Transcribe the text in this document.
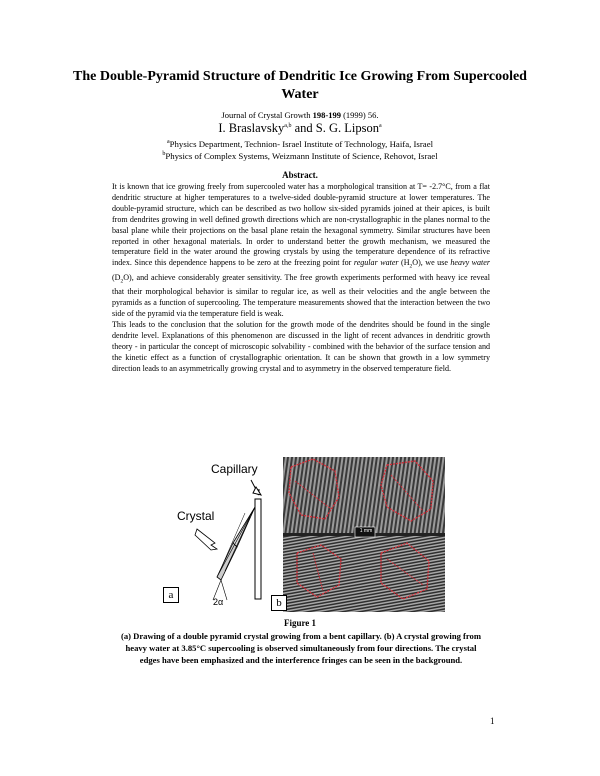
The Double-Pyramid Structure of Dendritic Ice Growing From Supercooled Water
Journal of Crystal Growth 198-199 (1999) 56.
I. Braslavsky$^{a,b}$ and S. G. Lipson$^a$
$^a$Physics Department, Technion- Israel Institute of Technology, Haifa, Israel
$^b$Physics of Complex Systems, Weizmann Institute of Science, Rehovot, Israel
Abstract.

It is known that ice growing freely from supercooled water has a morphological transition at T= -2.7°C, from a flat dendritic structure at higher temperatures to a twelve-sided double-pyramid structure at lower temperatures. The double-pyramid structure, which can be described as two hollow six-sided pyramids joined at their apices, is built from dendrites growing in well defined growth directions which are non-crystallographic in the planes normal to the basal plane while their projections on the basal plane retain the hexagonal symmetry. Similar structures have been reported in other hexagonal materials. In order to understand better the growth mechanism, we measured the temperature field in the water around the growing crystals by using the temperature dependence of its refractive index. Since this dependence happens to be zero at the freezing point for regular water $(H_2O)$, we use heavy water $(D_2O)$, and achieve considerably greater sensitivity. The free growth experiments performed with heavy ice reveal that their morphological behavior is similar to regular ice, as well as their velocities and the angle between the pyramids as a function of supercooling. The temperature measurements showed that the interaction between the two side of the pyramid via the temperature field is weak.

This leads to the conclusion that the solution for the growth mode of the dendrites should be found in the single dendrite level. Explanations of this phenomenon are discussed in the light of recent advances in dendritic growth theory - in particular the concept of microscopic solvability - combined with the behavior of the surface tension and the kinetic effect as a function of crystallographic orientation. It can be shown that growth in a low symmetry direction leads to an asymmetrically growing crystal and to asymmetry in the observed temperature field.

Capillary
Crystal
a
2α
1 mm
b
Figure 1
(a) Drawing of a double pyramid crystal growing from a bent capillary. (b) A crystal growing from heavy water at 3.85°C supercooling is observed simultaneously from four directions. The crystal edges have been emphasized and the interference fringes can be seen in the background.
1
